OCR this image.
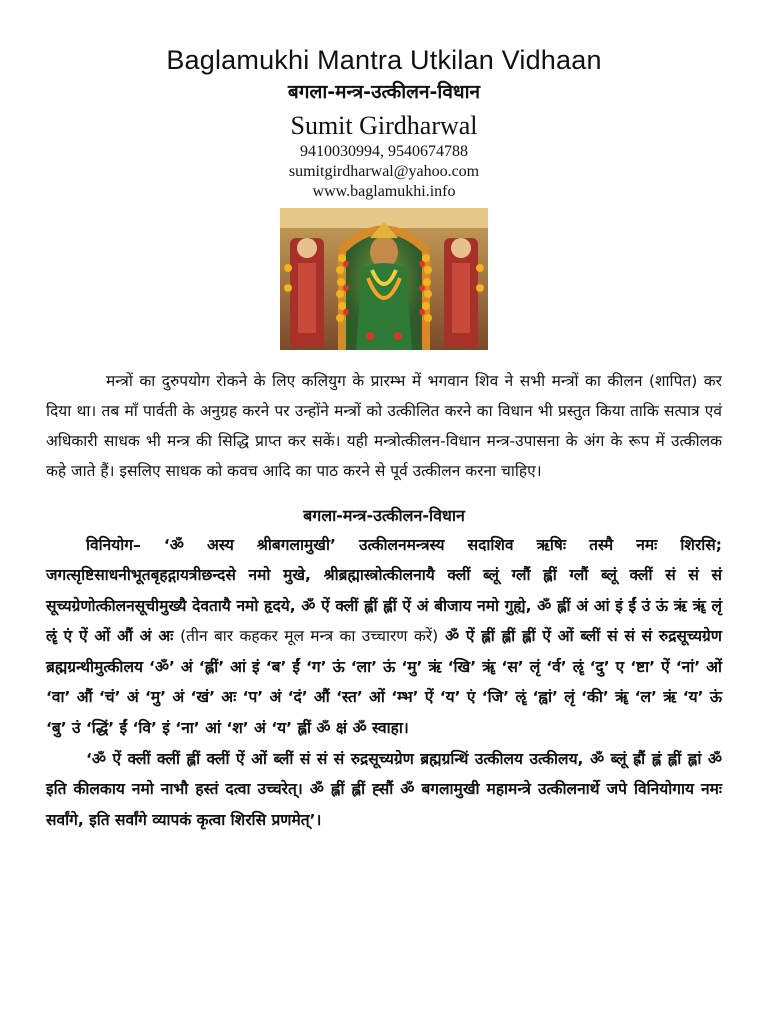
Baglamukhi Mantra Utkilan Vidhaan
बगला-मन्त्र-उत्कीलन-विधान
Sumit Girdharwal
9410030994, 9540674788
sumitgirdharwal@yahoo.com
www.baglamukhi.info

मन्त्रों का दुरुपयोग रोकने के लिए कलियुग के प्रारम्भ में भगवान शिव ने सभी मन्त्रों का कीलन (शापित) कर दिया था। तब माँ पार्वती के अनुग्रह करने पर उन्होंने मन्त्रों को उत्कीलित करने का विधान भी प्रस्तुत किया ताकि सत्पात्र एवं अधिकारी साधक भी मन्त्र की सिद्धि प्राप्त कर सकें। यही मन्त्रोत्कीलन-विधान मन्त्र-उपासना के अंग के रूप में उत्कीलक कहे जाते हैं। इसलिए साधक को कवच आदि का पाठ करने से पूर्व उत्कीलन करना चाहिए।

बगला-मन्त्र-उत्कीलन-विधान

विनियोग– ‘ॐ अस्य श्रीबगलामुखी’ उत्कीलनमन्त्रस्य सदाशिव ऋषिः तस्मै नमः शिरसि; जगत्सृष्टिसाधनीभूतबृहद्गायत्रीछन्दसे नमो मुखे, श्रीब्रह्मास्त्रोत्कीलनायै क्लीं ब्लूं ग्लौं ह्लीं ग्लौं ब्लूं क्लीं सं सं सं सूच्यग्रेणोत्कीलनसूचीमुख्यै देवतायै नमो हृदये, ॐ ऐं क्लीं ह्लीं ह्लीं ऐं अं बीजाय नमो गुह्ये, ॐ ह्लीं अं आं इं ईं उं ऊं ऋं ॠं लृं ॡं एं ऐं ओं औं अं अः (तीन बार कहकर मूल मन्त्र का उच्चारण करें) ॐ ऐं ह्लीं ह्लीं ह्लीं ऐं ओं ब्लीं सं सं सं रुद्रसूच्यग्रेण ब्रह्मग्रन्थीमुत्कीलय ‘ॐ’ अं ‘ह्लीं’ आं इं ‘ब’ ईं ‘ग’ ऊं ‘ला’ ऊं ‘मु’ ऋं ‘खि’ ॠं ‘स’ लृं ‘र्व’ ॡं ‘दु’ ए ‘ष्टा’ ऐं ‘नां’ ओं ‘वा’ औं ‘चं’ अं ‘मु’ अं ‘खं’ अः ‘प’ अं ‘दं’ औं ‘स्त’ ओं ‘म्भ’ ऐं ‘य’ एं ‘जि’ ॡं ‘ह्वां’ लृं ‘की’ ॠं ‘ल’ ऋं ‘य’ ऊं ‘बु’ उं ‘द्धिं’ ईं ‘वि’ इं ‘ना’ आं ‘श’ अं ‘य’ ह्लीं ॐ क्षं ॐ स्वाहा।

‘ॐ ऐं क्लीं क्लीं ह्लीं क्लीं ऐं ओं ब्लीं सं सं सं रुद्रसूच्यग्रेण ब्रह्मग्रन्थिं उत्कीलय उत्कीलय, ॐ ब्लूं ह्रौं ह्लं ह्लीं ह्लां ॐ इति कीलकाय नमो नाभौ हस्तं दत्वा उच्चरेत्। ॐ ह्लीं ह्लीं ह्सौं ॐ बगलामुखी महामन्त्रे उत्कीलनार्थे जपे विनियोगाय नमः सर्वांगे, इति सर्वांगे व्यापकं कृत्वा शिरसि प्रणमेत्’।
